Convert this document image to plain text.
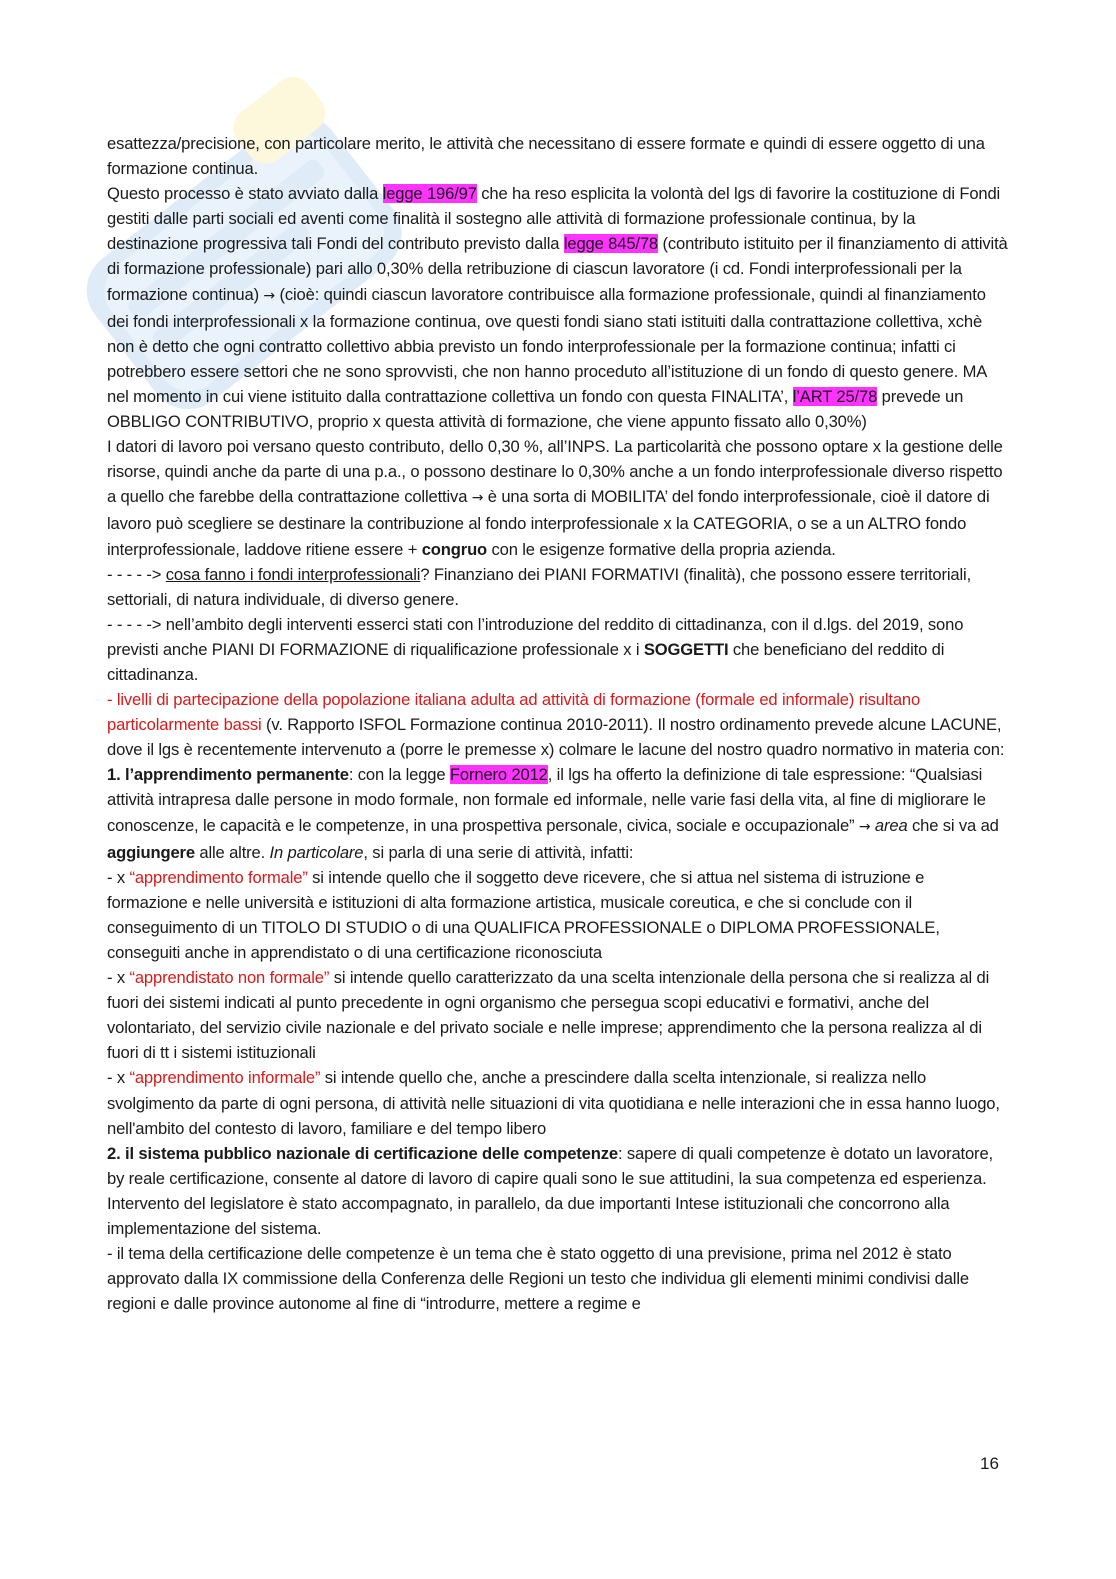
esattezza/precisione, con particolare merito, le attività che necessitano di essere formate e quindi di essere oggetto di una formazione continua.

Questo processo è stato avviato dalla legge 196/97 che ha reso esplicita la volontà del lgs di favorire la costituzione di Fondi gestiti dalle parti sociali ed aventi come finalità il sostegno alle attività di formazione professionale continua, by la destinazione progressiva tali Fondi del contributo previsto dalla legge 845/78 (contributo istituito per il finanziamento di attività di formazione professionale) pari allo 0,30% della retribuzione di ciascun lavoratore (i cd. Fondi interprofessionali per la formazione continua) → (cioè: quindi ciascun lavoratore contribuisce alla formazione professionale, quindi al finanziamento dei fondi interprofessionali x la formazione continua, ove questi fondi siano stati istituiti dalla contrattazione collettiva, xchè non è detto che ogni contratto collettivo abbia previsto un fondo interprofessionale per la formazione continua; infatti ci potrebbero essere settori che ne sono sprovvisti, che non hanno proceduto all’istituzione di un fondo di questo genere. MA nel momento in cui viene istituito dalla contrattazione collettiva un fondo con questa FINALITA’, l’ART 25/78 prevede un OBBLIGO CONTRIBUTIVO, proprio x questa attività di formazione, che viene appunto fissato allo 0,30%)

I datori di lavoro poi versano questo contributo, dello 0,30 %, all’INPS. La particolarità che possono optare x la gestione delle risorse, quindi anche da parte di una p.a., o possono destinare lo 0,30% anche a un fondo interprofessionale diverso rispetto a quello che farebbe della contrattazione collettiva → è una sorta di MOBILITA’ del fondo interprofessionale, cioè il datore di lavoro può scegliere se destinare la contribuzione al fondo interprofessionale x la CATEGORIA, o se a un ALTRO fondo interprofessionale, laddove ritiene essere + congruo con le esigenze formative della propria azienda.

- - - - -> cosa fanno i fondi interprofessionali? Finanziano dei PIANI FORMATIVI (finalità), che possono essere territoriali, settoriali, di natura individuale, di diverso genere.

- - - - -> nell’ambito degli interventi esserci stati con l’introduzione del reddito di cittadinanza, con il d.lgs. del 2019, sono previsti anche PIANI DI FORMAZIONE di riqualificazione professionale x i SOGGETTI che beneficiano del reddito di cittadinanza.

- livelli di partecipazione della popolazione italiana adulta ad attività di formazione (formale ed informale) risultano particolarmente bassi (v. Rapporto ISFOL Formazione continua 2010-2011). Il nostro ordinamento prevede alcune LACUNE, dove il lgs è recentemente intervenuto a (porre le premesse x) colmare le lacune del nostro quadro normativo in materia con:

1. l’apprendimento permanente: con la legge Fornero 2012, il lgs ha offerto la definizione di tale espressione: “Qualsiasi attività intrapresa dalle persone in modo formale, non formale ed informale, nelle varie fasi della vita, al fine di migliorare le conoscenze, le capacità e le competenze, in una prospettiva personale, civica, sociale e occupazionale” → area che si va ad aggiungere alle altre. In particolare, si parla di una serie di attività, infatti:

- x “apprendimento formale” si intende quello che il soggetto deve ricevere, che si attua nel sistema di istruzione e formazione e nelle università e istituzioni di alta formazione artistica, musicale coreutica, e che si conclude con il conseguimento di un TITOLO DI STUDIO o di una QUALIFICA PROFESSIONALE o DIPLOMA PROFESSIONALE, conseguiti anche in apprendistato o di una certificazione riconosciuta

- x “apprendistato non formale” si intende quello caratterizzato da una scelta intenzionale della persona che si realizza al di fuori dei sistemi indicati al punto precedente in ogni organismo che persegua scopi educativi e formativi, anche del volontariato, del servizio civile nazionale e del privato sociale e nelle imprese; apprendimento che la persona realizza al di fuori di tt i sistemi istituzionali

- x “apprendimento informale” si intende quello che, anche a prescindere dalla scelta intenzionale, si realizza nello svolgimento da parte di ogni persona, di attività nelle situazioni di vita quotidiana e nelle interazioni che in essa hanno luogo, nell'ambito del contesto di lavoro, familiare e del tempo libero

2. il sistema pubblico nazionale di certificazione delle competenze: sapere di quali competenze è dotato un lavoratore, by reale certificazione, consente al datore di lavoro di capire quali sono le sue attitudini, la sua competenza ed esperienza. Intervento del legislatore è stato accompagnato, in parallelo, da due importanti Intese istituzionali che concorrono alla implementazione del sistema.

- il tema della certificazione delle competenze è un tema che è stato oggetto di una previsione, prima nel 2012 è stato approvato dalla IX commissione della Conferenza delle Regioni un testo che individua gli elementi minimi condivisi dalle regioni e dalle province autonome al fine di “introdurre, mettere a regime e

16
